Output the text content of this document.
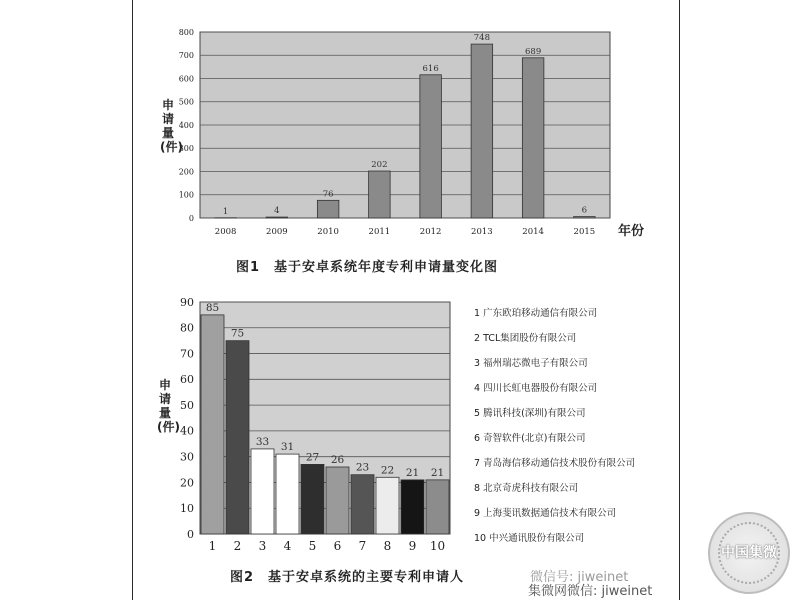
申请量(件)
0
100
200
300
400
500
600
700
800
1
2008
4
2009
76
2010
202
2011
616
2012
748
2013
689
2014
6
2015 年份
图1　基于安卓系统年度专利申请量变化图
申请量(件)
0
10
20
30
40
50
60
70
80
90 85
1
75
2
33
3
31
4
27
5
26
6
23
7
22
8
21
9
21
10
1 广东欧珀移动通信有限公司
2 TCL集团股份有限公司
3 福州瑞芯微电子有限公司
4 四川长虹电器股份有限公司
5 腾讯科技(深圳)有限公司
6 奇智软件(北京)有限公司
7 青岛海信移动通信技术股份有限公司
8 北京奇虎科技有限公司
9 上海斐讯数据通信技术有限公司
10 中兴通讯股份有限公司
图2　基于安卓系统的主要专利申请人	微信号: jiweinet
集微网微信: jiweinet
中国集微
